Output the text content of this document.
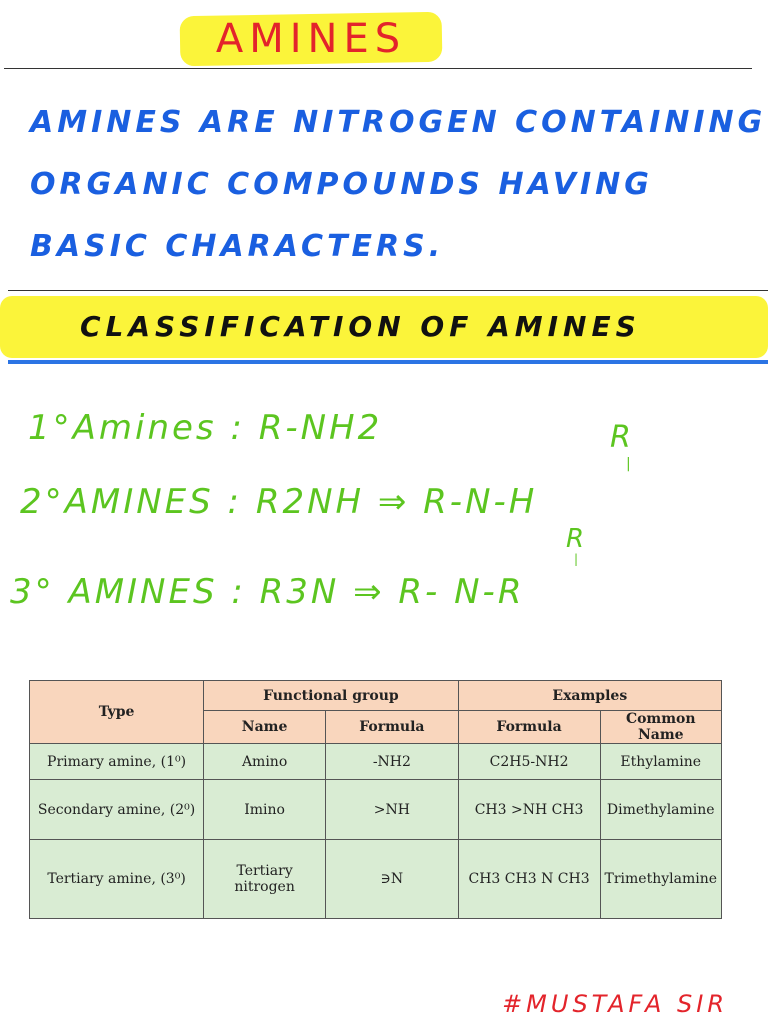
AMINES
AMINES ARE NITROGEN CONTAINING
ORGANIC COMPOUNDS HAVING
BASIC CHARACTERS.
CLASSIFICATION OF AMINES
1°Amines : R-NH2	R
|
2°AMINES : R2NH ⇒ R-N-H
R
|
3° AMINES : R3N ⇒ R- N-R
Type	Functional group		Examples	
	Name	Formula	Formula	Common Name
Primary amine, (1⁰)	Amino	-NH2	C2H5-NH2	Ethylamine
Secondary amine, (2⁰)	Imino	>NH	CH3 >NH CH3	Dimethylamine
Tertiary amine, (3⁰)	Tertiary nitrogen	∋N	CH3 CH3 N CH3	Trimethylamine
#MUSTAFA SIR
